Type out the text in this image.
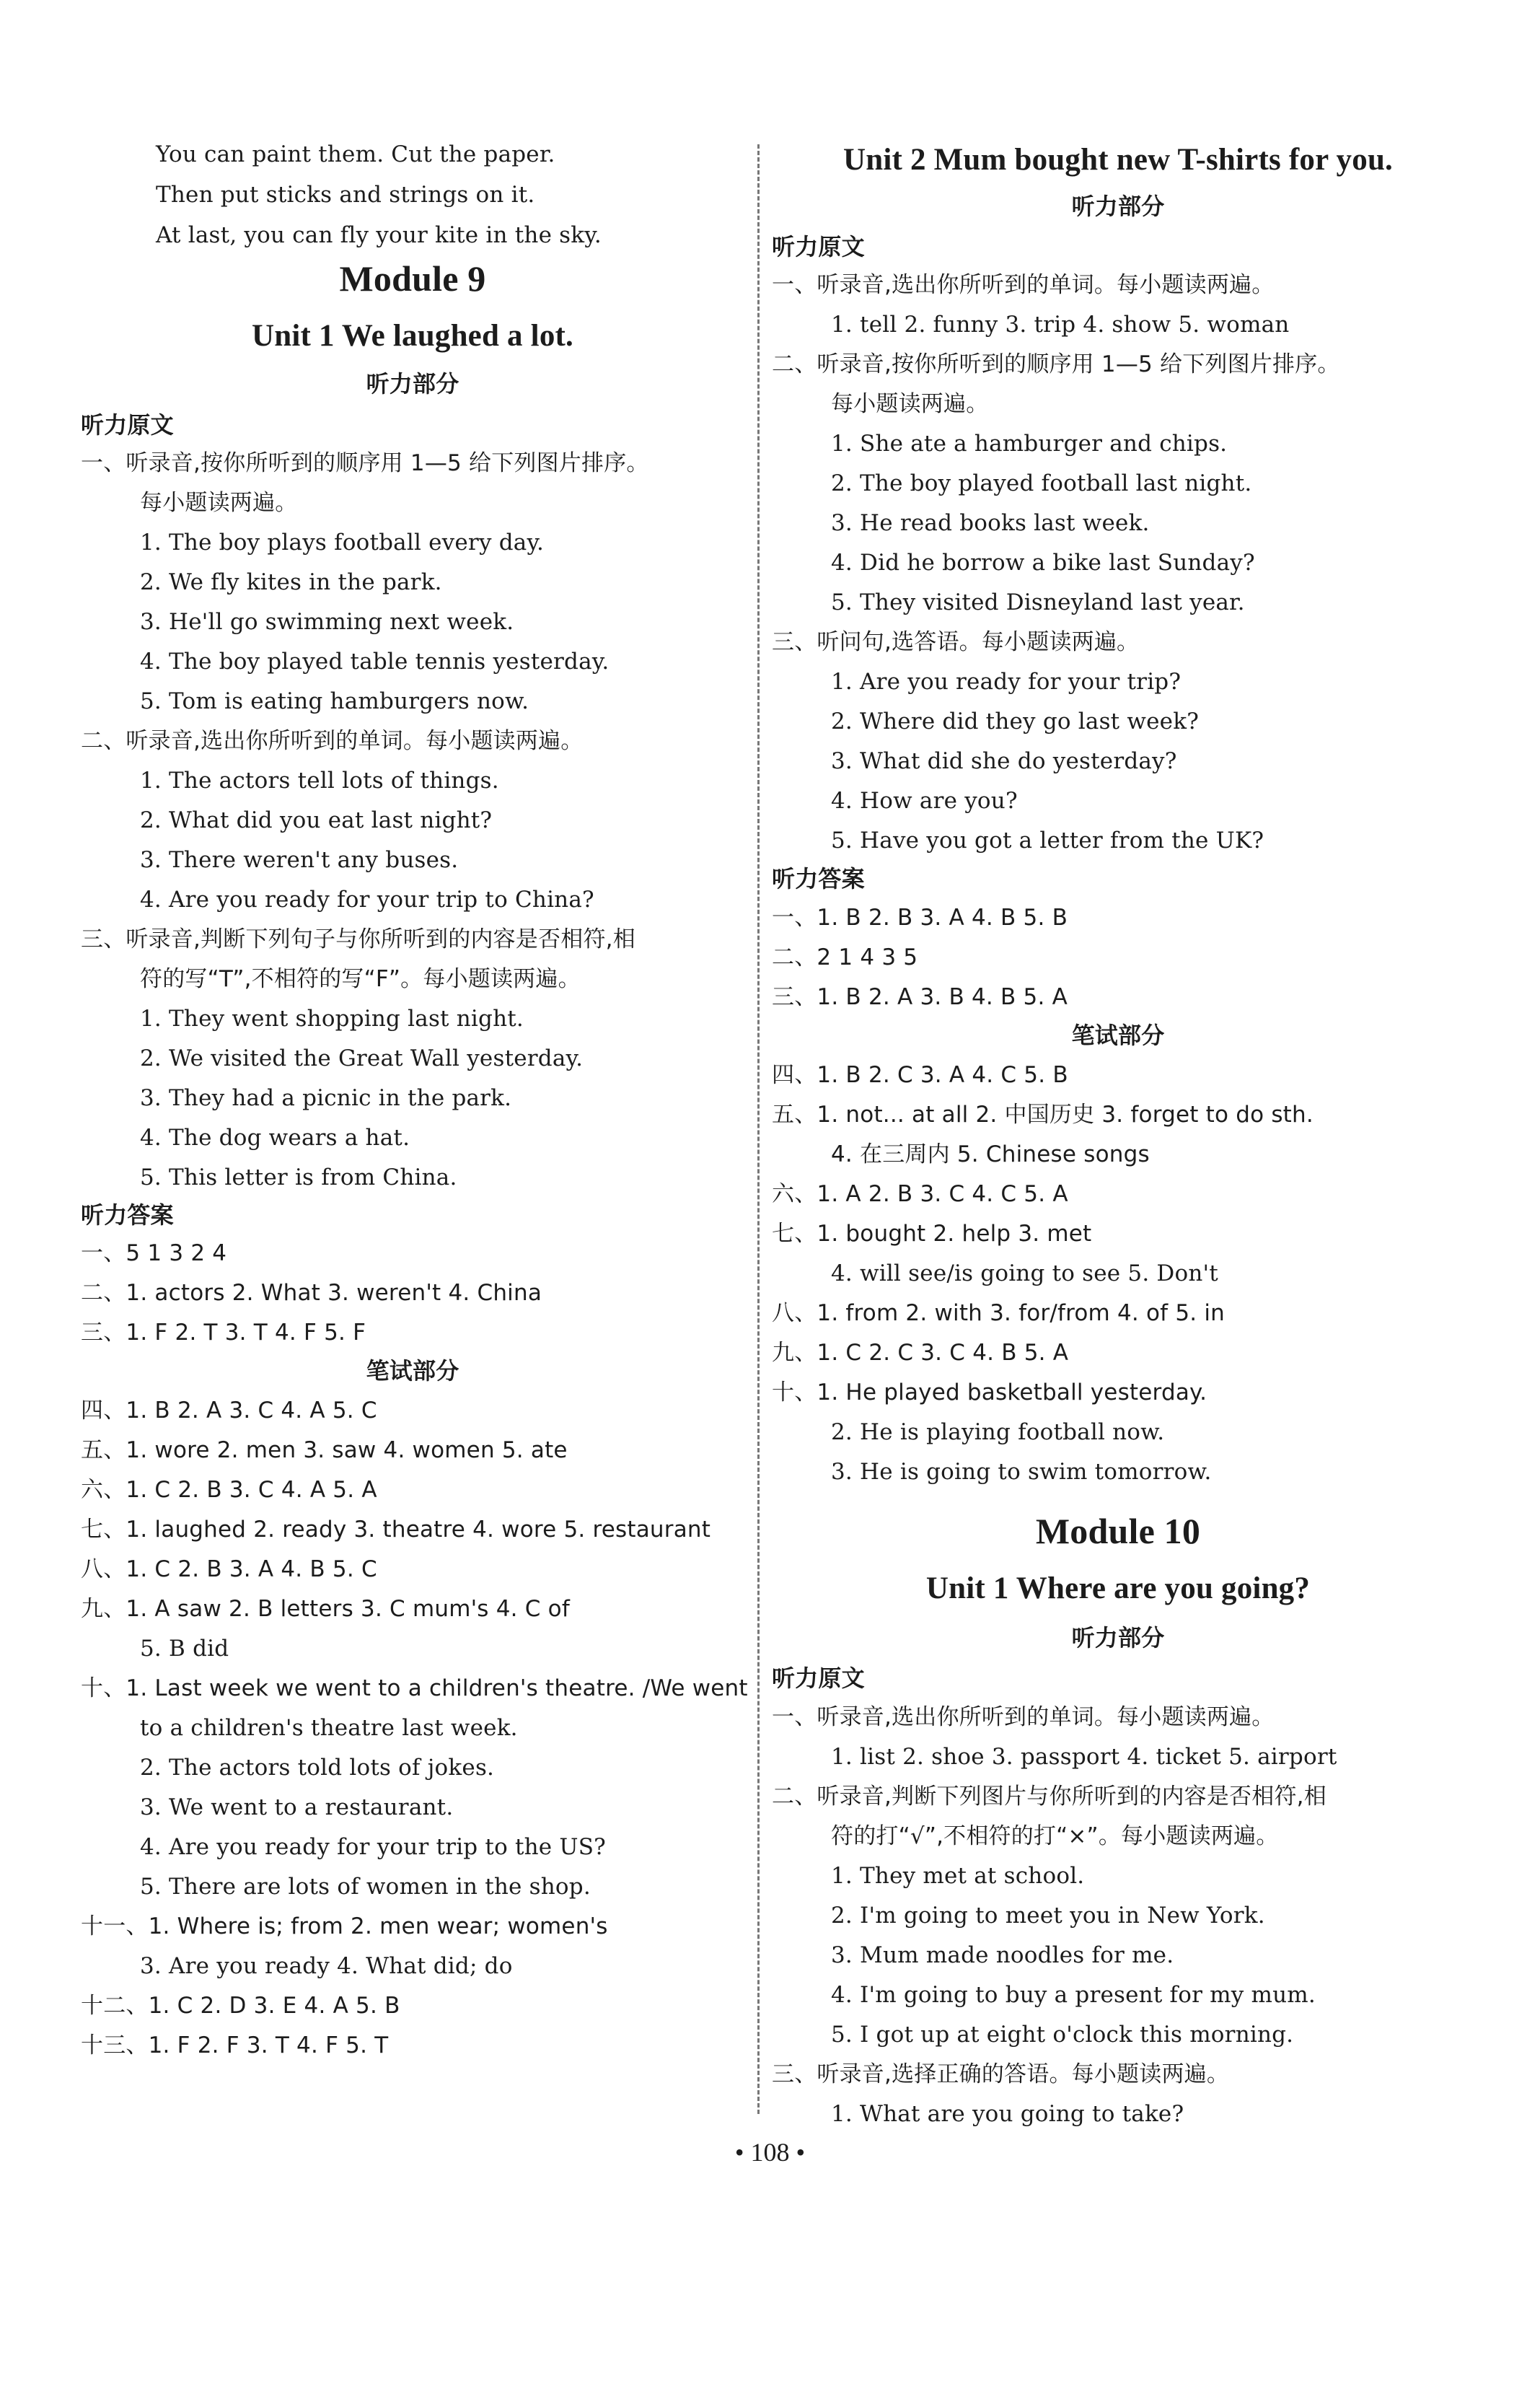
You can paint them. Cut the paper.
Then put sticks and strings on it.
At last, you can fly your kite in the sky.
Module 9
Unit 1 We laughed a lot.
听力部分
听力原文
一、听录音,按你所听到的顺序用 1—5 给下列图片排序。
每小题读两遍。
1. The boy plays football every day.
2. We fly kites in the park.
3. He'll go swimming next week.
4. The boy played table tennis yesterday.
5. Tom is eating hamburgers now.
二、听录音,选出你所听到的单词。每小题读两遍。
1. The actors tell lots of things.
2. What did you eat last night?
3. There weren't any buses.
4. Are you ready for your trip to China?
三、听录音,判断下列句子与你所听到的内容是否相符,相
符的写“T”,不相符的写“F”。每小题读两遍。
1. They went shopping last night.
2. We visited the Great Wall yesterday.
3. They had a picnic in the park.
4. The dog wears a hat.
5. This letter is from China.
听力答案
一、5 1 3 2 4
二、1. actors 2. What 3. weren't 4. China
三、1. F 2. T 3. T 4. F 5. F
笔试部分
四、1. B 2. A 3. C 4. A 5. C
五、1. wore 2. men 3. saw 4. women 5. ate
六、1. C 2. B 3. C 4. A 5. A
七、1. laughed 2. ready 3. theatre 4. wore 5. restaurant
八、1. C 2. B 3. A 4. B 5. C
九、1. A saw 2. B letters 3. C mum's 4. C of
5. B did
十、1. Last week we went to a children's theatre. /We went
to a children's theatre last week.
2. The actors told lots of jokes.
3. We went to a restaurant.
4. Are you ready for your trip to the US?
5. There are lots of women in the shop.
十一、1. Where is; from 2. men wear; women's
3. Are you ready 4. What did; do
十二、1. C 2. D 3. E 4. A 5. B
十三、1. F 2. F 3. T 4. F 5. T
Unit 2 Mum bought new T-shirts for you.
听力部分
听力原文
一、听录音,选出你所听到的单词。每小题读两遍。
1. tell 2. funny 3. trip 4. show 5. woman
二、听录音,按你所听到的顺序用 1—5 给下列图片排序。
每小题读两遍。
1. She ate a hamburger and chips.
2. The boy played football last night.
3. He read books last week.
4. Did he borrow a bike last Sunday?
5. They visited Disneyland last year.
三、听问句,选答语。每小题读两遍。
1. Are you ready for your trip?
2. Where did they go last week?
3. What did she do yesterday?
4. How are you?
5. Have you got a letter from the UK?
听力答案
一、1. B 2. B 3. A 4. B 5. B
二、2 1 4 3 5
三、1. B 2. A 3. B 4. B 5. A
笔试部分
四、1. B 2. C 3. A 4. C 5. B
五、1. not... at all 2. 中国历史 3. forget to do sth.
4. 在三周内 5. Chinese songs
六、1. A 2. B 3. C 4. C 5. A
七、1. bought 2. help 3. met
4. will see/is going to see 5. Don't
八、1. from 2. with 3. for/from 4. of 5. in
九、1. C 2. C 3. C 4. B 5. A
十、1. He played basketball yesterday.
2. He is playing football now.
3. He is going to swim tomorrow.
Module 10
Unit 1 Where are you going?
听力部分
听力原文
一、听录音,选出你所听到的单词。每小题读两遍。
1. list 2. shoe 3. passport 4. ticket 5. airport
二、听录音,判断下列图片与你所听到的内容是否相符,相
符的打“√”,不相符的打“×”。每小题读两遍。
1. They met at school.
2. I'm going to meet you in New York.
3. Mum made noodles for me.
4. I'm going to buy a present for my mum.
5. I got up at eight o'clock this morning.
三、听录音,选择正确的答语。每小题读两遍。
1. What are you going to take?
• 108 •
